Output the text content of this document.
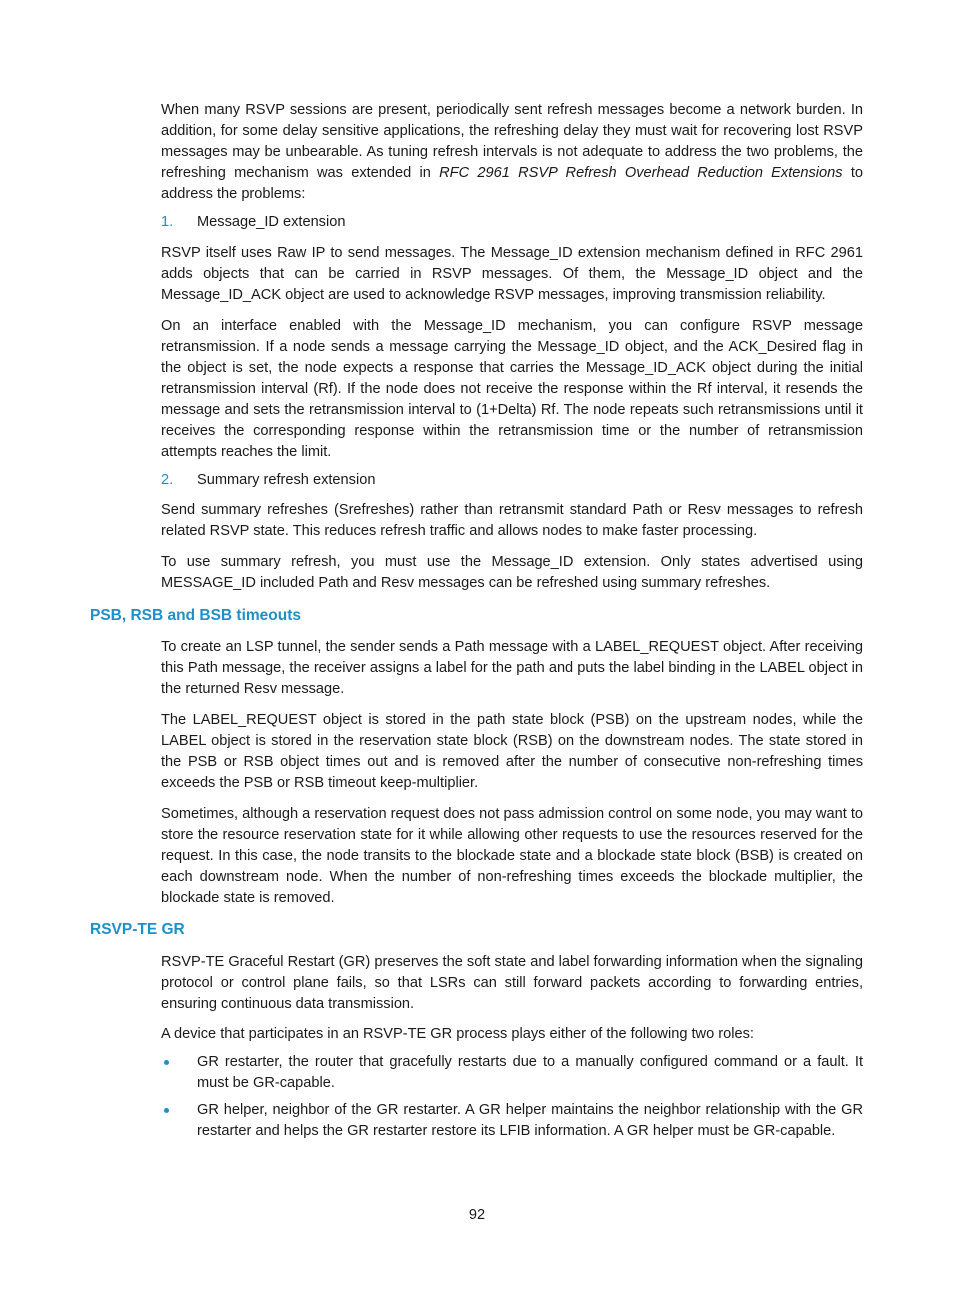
When many RSVP sessions are present, periodically sent refresh messages become a network burden. In addition, for some delay sensitive applications, the refreshing delay they must wait for recovering lost RSVP messages may be unbearable. As tuning refresh intervals is not adequate to address the two problems, the refreshing mechanism was extended in RFC 2961 RSVP Refresh Overhead Reduction Extensions to address the problems:

1. Message_ID extension

RSVP itself uses Raw IP to send messages. The Message_ID extension mechanism defined in RFC 2961 adds objects that can be carried in RSVP messages. Of them, the Message_ID object and the Message_ID_ACK object are used to acknowledge RSVP messages, improving transmission reliability.

On an interface enabled with the Message_ID mechanism, you can configure RSVP message retransmission. If a node sends a message carrying the Message_ID object, and the ACK_Desired flag in the object is set, the node expects a response that carries the Message_ID_ACK object during the initial retransmission interval (Rf). If the node does not receive the response within the Rf interval, it resends the message and sets the retransmission interval to (1+Delta) Rf. The node repeats such retransmissions until it receives the corresponding response within the retransmission time or the number of retransmission attempts reaches the limit.

2. Summary refresh extension

Send summary refreshes (Srefreshes) rather than retransmit standard Path or Resv messages to refresh related RSVP state. This reduces refresh traffic and allows nodes to make faster processing.

To use summary refresh, you must use the Message_ID extension. Only states advertised using MESSAGE_ID included Path and Resv messages can be refreshed using summary refreshes.

PSB, RSB and BSB timeouts

To create an LSP tunnel, the sender sends a Path message with a LABEL_REQUEST object. After receiving this Path message, the receiver assigns a label for the path and puts the label binding in the LABEL object in the returned Resv message.

The LABEL_REQUEST object is stored in the path state block (PSB) on the upstream nodes, while the LABEL object is stored in the reservation state block (RSB) on the downstream nodes. The state stored in the PSB or RSB object times out and is removed after the number of consecutive non-refreshing times exceeds the PSB or RSB timeout keep-multiplier.

Sometimes, although a reservation request does not pass admission control on some node, you may want to store the resource reservation state for it while allowing other requests to use the resources reserved for the request. In this case, the node transits to the blockade state and a blockade state block (BSB) is created on each downstream node. When the number of non-refreshing times exceeds the blockade multiplier, the blockade state is removed.

RSVP-TE GR

RSVP-TE Graceful Restart (GR) preserves the soft state and label forwarding information when the signaling protocol or control plane fails, so that LSRs can still forward packets according to forwarding entries, ensuring continuous data transmission.

A device that participates in an RSVP-TE GR process plays either of the following two roles:

GR restarter, the router that gracefully restarts due to a manually configured command or a fault. It must be GR-capable.
GR helper, neighbor of the GR restarter. A GR helper maintains the neighbor relationship with the GR restarter and helps the GR restarter restore its LFIB information. A GR helper must be GR-capable.
92
